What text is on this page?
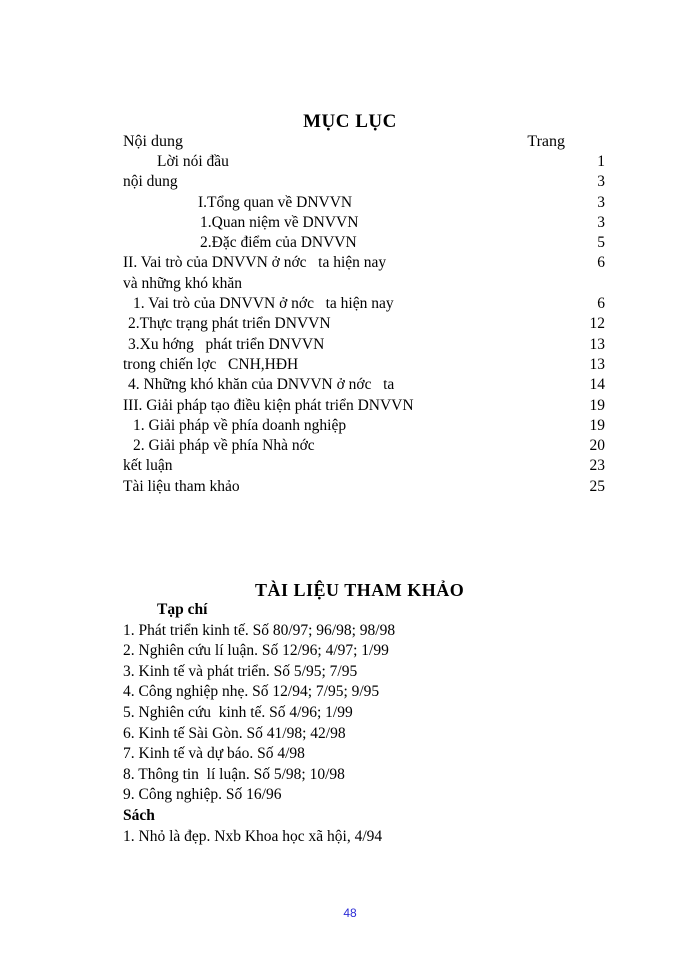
MỤC LỤC
Nội dung	Trang
Lời nói đầu	1
nội dung	3
I.Tổng quan về DNVVN	3
1.Quan niệm về DNVVN	3
2.Đặc điểm của DNVVN	5
II. Vai trò của DNVVN ở nớc   ta hiện nay	6
và những khó khăn
1. Vai trò của DNVVN ở nớc   ta hiện nay	6
2.Thực trạng phát triển DNVVN	12
3.Xu hớng   phát triển DNVVN	13
trong chiến lợc   CNH,HĐH	13
4. Những khó khăn của DNVVN ở nớc   ta	14
III. Giải pháp tạo điều kiện phát triển DNVVN	19
1. Giải pháp về phía doanh nghiệp	19
2. Giải pháp về phía Nhà nớc	20
kết luận	23
Tài liệu tham khảo	25
TÀI LIỆU THAM KHẢO
Tạp chí
1. Phát triển kinh tế. Số 80/97; 96/98; 98/98
2. Nghiên cứu lí luận. Số 12/96; 4/97; 1/99
3. Kinh tế và phát triển. Số 5/95; 7/95
4. Công nghiệp nhẹ. Số 12/94; 7/95; 9/95
5. Nghiên cứu  kinh tế. Số 4/96; 1/99
6. Kinh tế Sài Gòn. Số 41/98; 42/98
7. Kinh tế và dự báo. Số 4/98
8. Thông tin  lí luận. Số 5/98; 10/98
9. Công nghiệp. Số 16/96
Sách
1. Nhỏ là đẹp. Nxb Khoa học xã hội, 4/94
48
